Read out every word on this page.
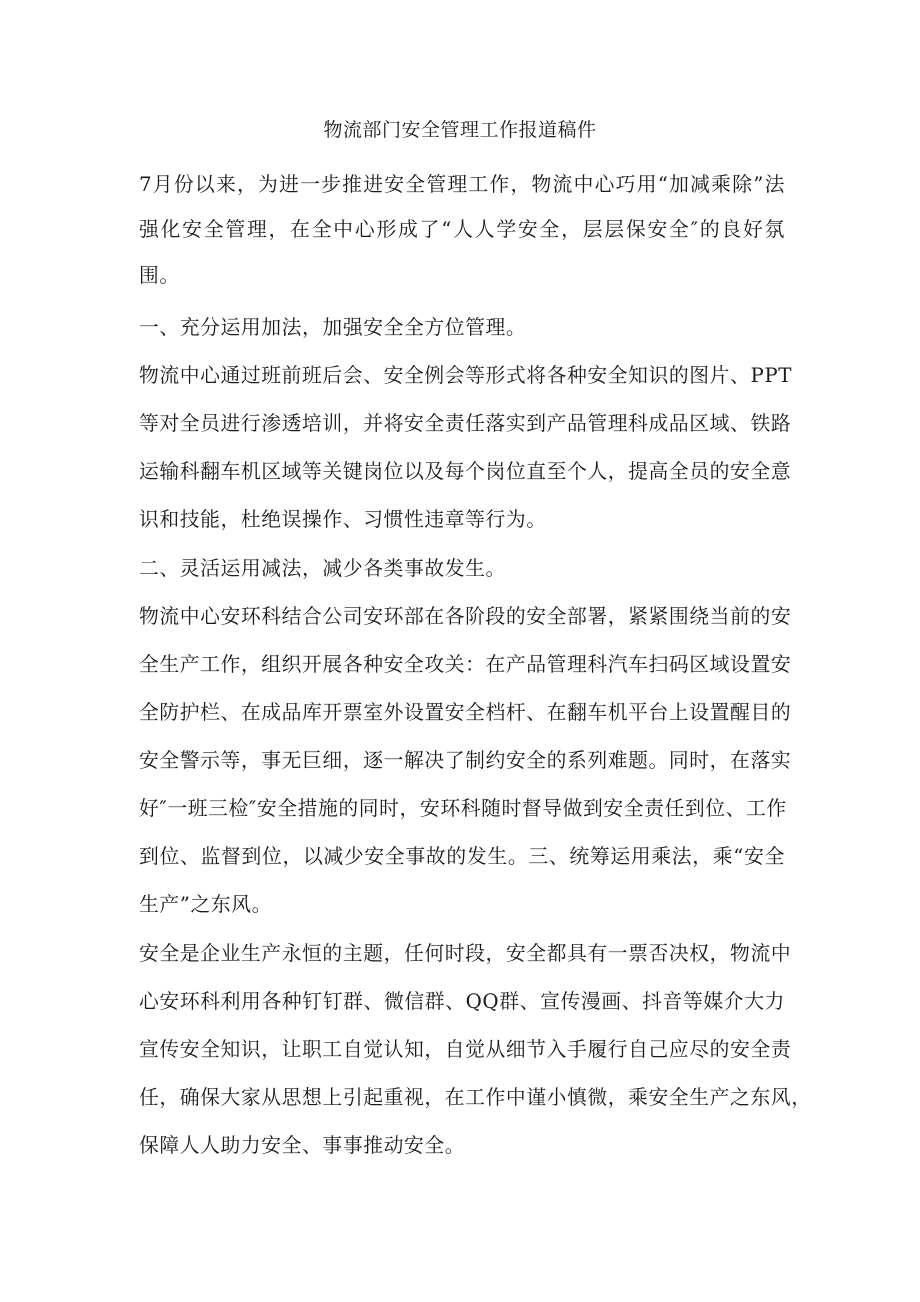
物流部门安全管理工作报道稿件

7月份以来，为进一步推进安全管理工作，物流中心巧用“加减乘除”法

强化安全管理，在全中心形成了“人人学安全，层层保安全″的良好氛

围。

一、充分运用加法，加强安全全方位管理。

物流中心通过班前班后会、安全例会等形式将各种安全知识的图片、PPT

等对全员进行渗透培训，并将安全责任落实到产品管理科成品区域、铁路

运输科翻车机区域等关键岗位以及每个岗位直至个人，提高全员的安全意

识和技能，杜绝误操作、习惯性违章等行为。

二、灵活运用减法，减少各类事故发生。

物流中心安环科结合公司安环部在各阶段的安全部署，紧紧围绕当前的安

全生产工作，组织开展各种安全攻关：在产品管理科汽车扫码区域设置安

全防护栏、在成品库开票室外设置安全档杆、在翻车机平台上设置醒目的

安全警示等，事无巨细，逐一解决了制约安全的系列难题。同时，在落实

好″一班三检″安全措施的同时，安环科随时督导做到安全责任到位、工作

到位、监督到位，以减少安全事故的发生。三、统筹运用乘法，乘“安全

生产”之东风。

安全是企业生产永恒的主题，任何时段，安全都具有一票否决权，物流中

心安环科利用各种钉钉群、微信群、QQ群、宣传漫画、抖音等媒介大力

宣传安全知识，让职工自觉认知，自觉从细节入手履行自己应尽的安全责

任，确保大家从思想上引起重视，在工作中谨小慎微，乘安全生产之东风，

保障人人助力安全、事事推动安全。
